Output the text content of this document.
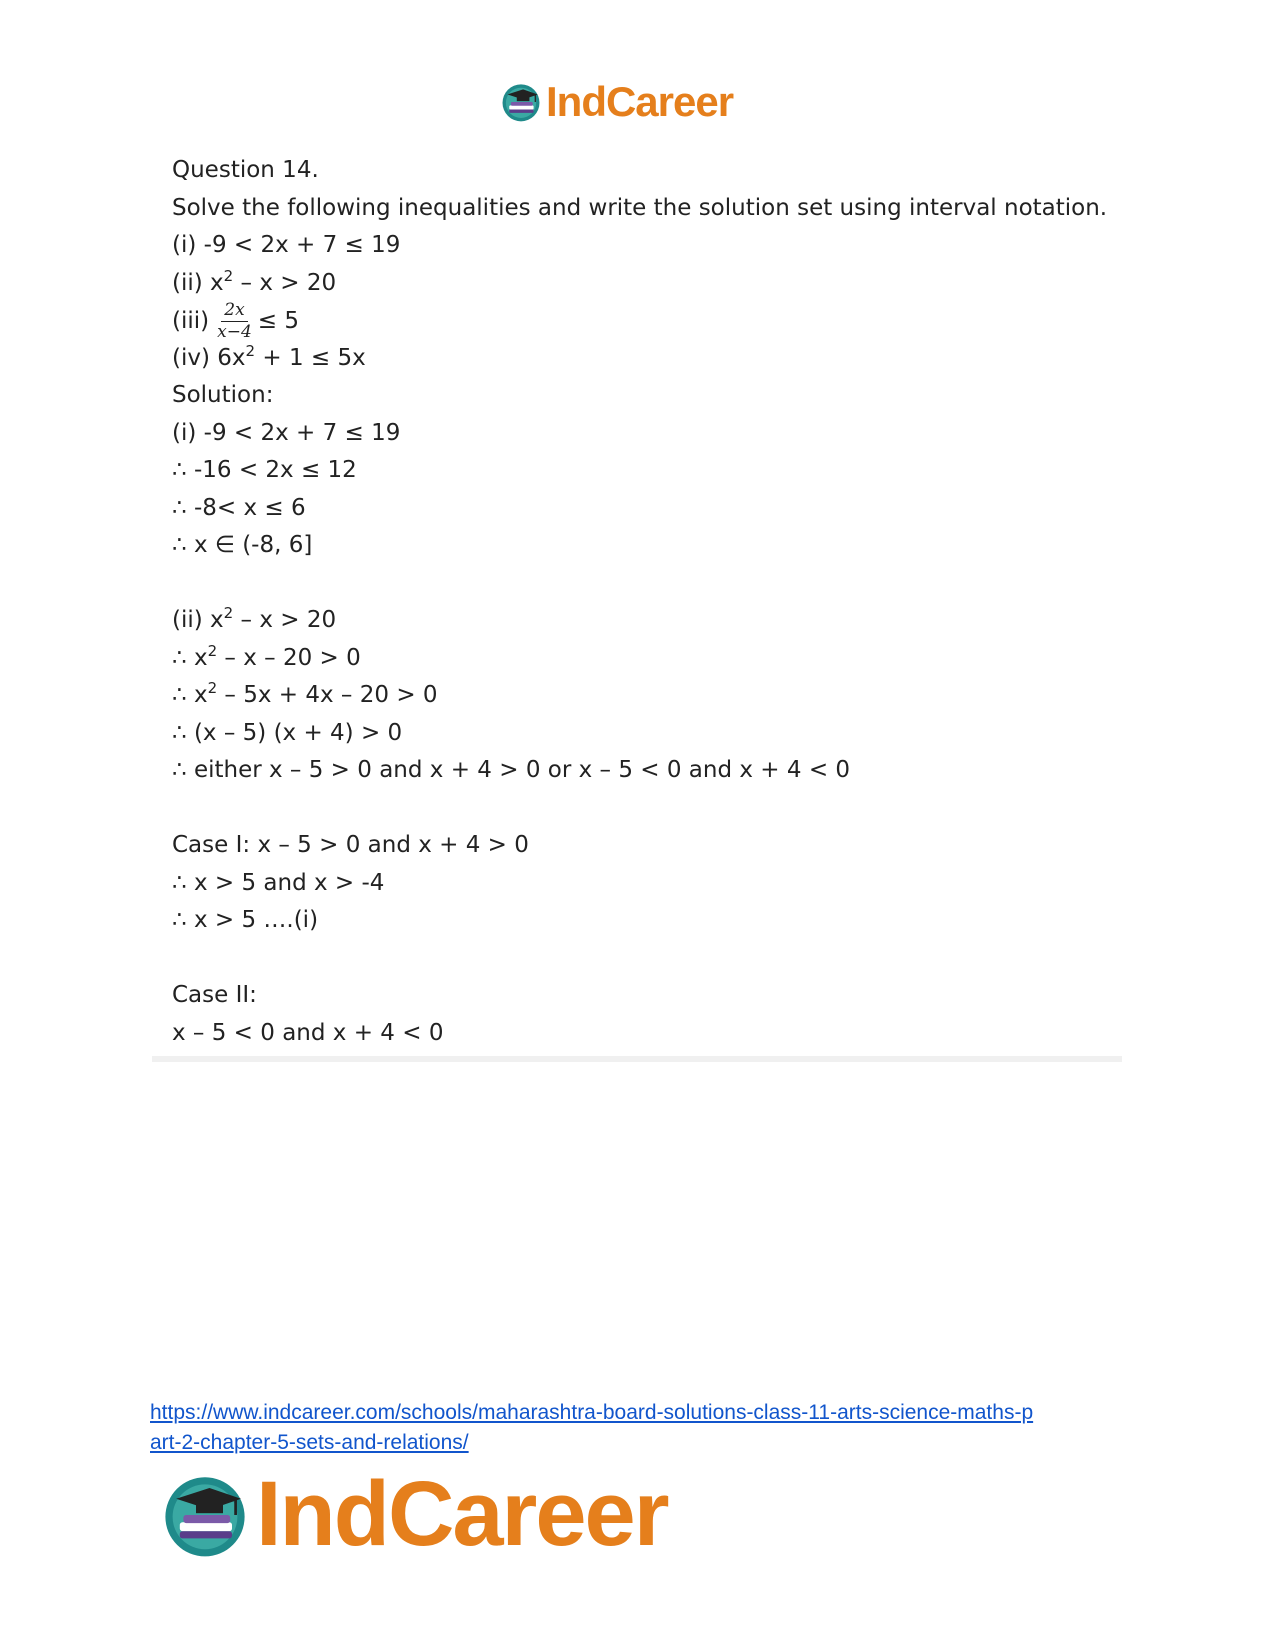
IndCareer
Question 14.
Solve the following inequalities and write the solution set using interval notation.
(i) -9 < 2x + 7 ≤ 19
(ii) $x^2 - x > 20$
$(iii) \frac{2x}{x-4} \le 5$
(iv) $6x^2 + 1 \le 5x$
Solution:
(i) -9 < 2x + 7 ≤ 19
∴ -16 < 2x ≤ 12
∴ -8< x ≤ 6
∴ x ∈ (-8, 6]
(ii) $x^2 - x > 20$
∴ $x^2 - x - 20 > 0$
∴ $x^2 - 5x + 4x - 20 > 0$
∴ (x – 5) (x + 4) > 0
∴ either x – 5 > 0 and x + 4 > 0 or x – 5 < 0 and x + 4 < 0
Case I: x – 5 > 0 and x + 4 > 0
∴ x > 5 and x > -4
∴ x > 5 ….(i)
Case II:
x – 5 < 0 and x + 4 < 0
https://www.indcareer.com/schools/maharashtra-board-solutions-class-11-arts-science-maths-p
art-2-chapter-5-sets-and-relations/
IndCareer
